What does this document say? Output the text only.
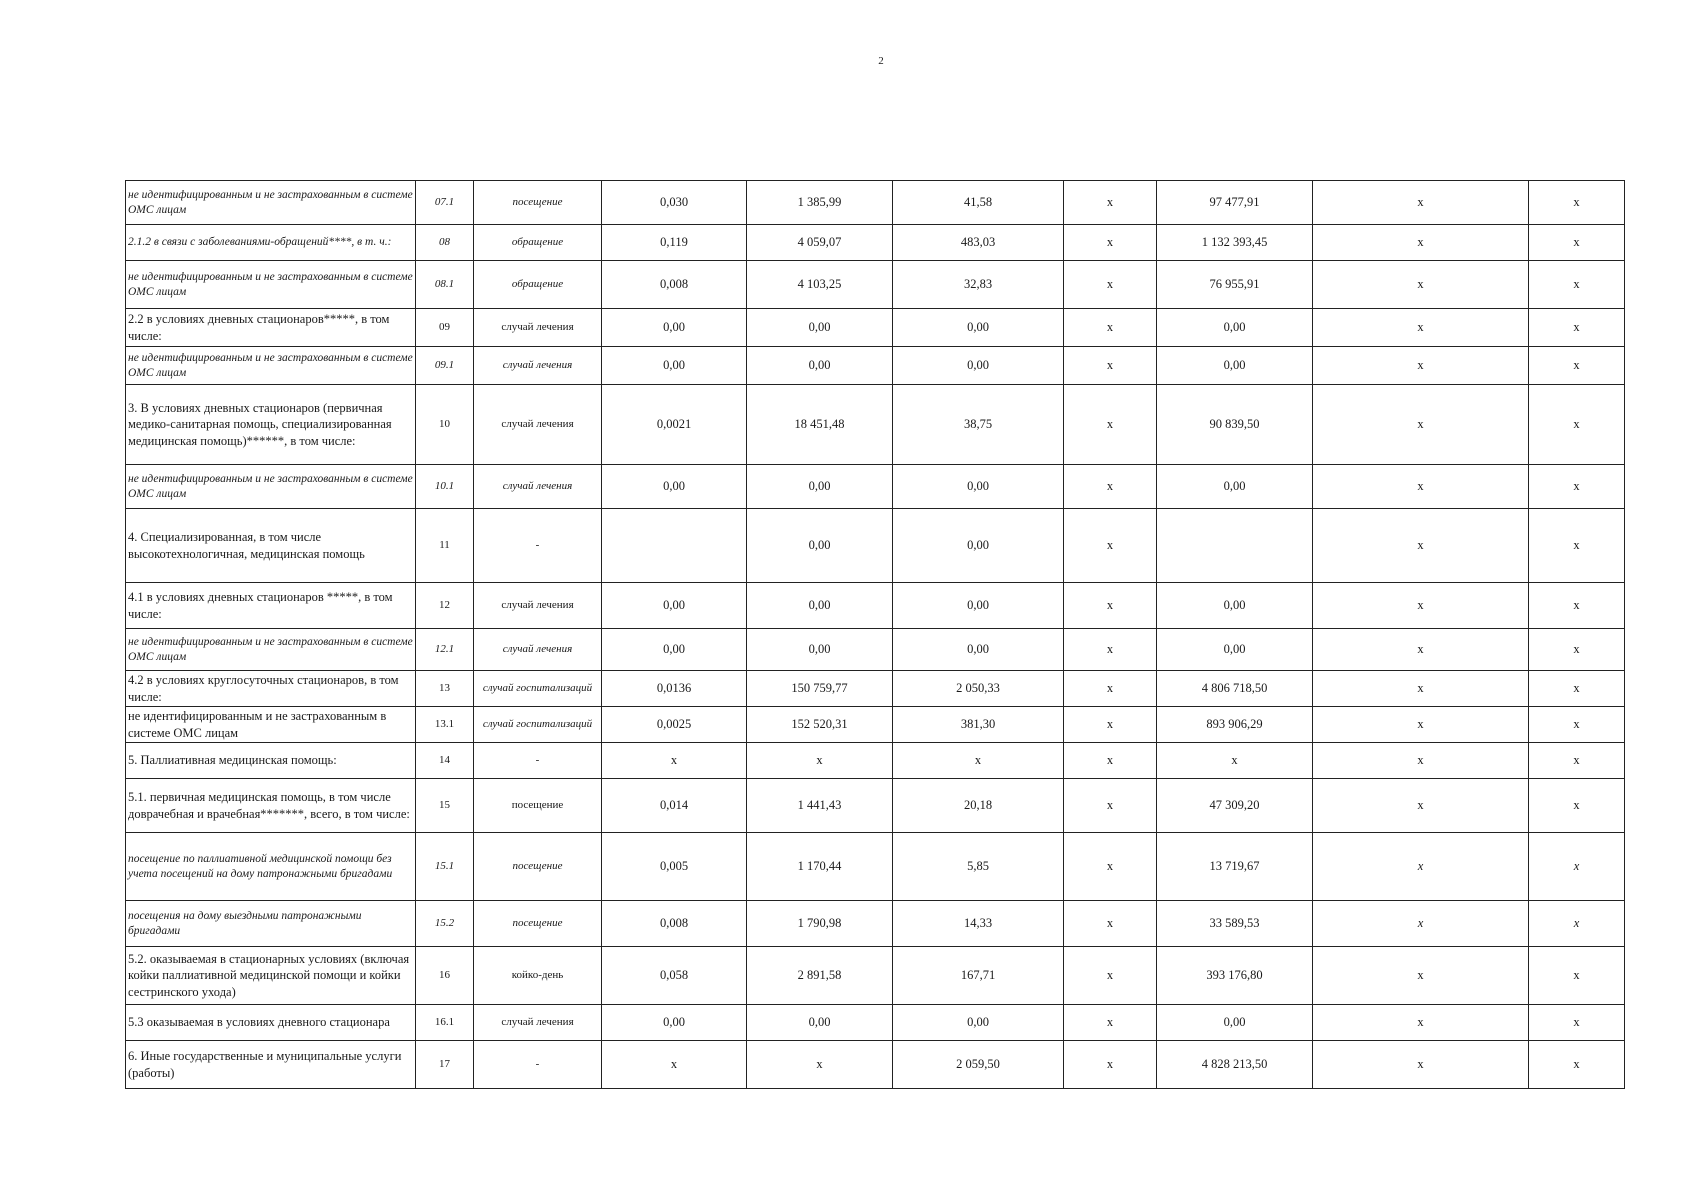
2
не идентифицированным и не застрахованным в системе ОМС лицам	07.1	посещение	0,030	1 385,99	41,58	х	97 477,91	х	х
2.1.2 в связи с заболеваниями-обращений****, в т. ч.:	08	обращение	0,119	4 059,07	483,03	х	1 132 393,45	х	х
не идентифицированным и не застрахованным в системе ОМС лицам	08.1	обращение	0,008	4 103,25	32,83	х	76 955,91	х	х
2.2 в условиях дневных стационаров*****, в том числе:	09	случай лечения	0,00	0,00	0,00	х	0,00	х	х
не идентифицированным и не застрахованным в системе ОМС лицам	09.1	случай лечения	0,00	0,00	0,00	х	0,00	х	х
3. В условиях дневных стационаров (первичная медико-санитарная помощь, специализированная медицинская помощь)******, в том числе:	10	случай лечения	0,0021	18 451,48	38,75	х	90 839,50	х	х
не идентифицированным и не застрахованным в системе ОМС лицам	10.1	случай лечения	0,00	0,00	0,00	х	0,00	х	х
4. Специализированная, в том числе высокотехнологичная, медицинская помощь	11	-		0,00	0,00	х		х	х
4.1 в условиях дневных стационаров *****, в том числе:	12	случай лечения	0,00	0,00	0,00	х	0,00	х	х
не идентифицированным и не застрахованным в системе ОМС лицам	12.1	случай лечения	0,00	0,00	0,00	х	0,00	х	х
4.2 в условиях круглосуточных стационаров, в том числе:	13	случай госпитализаций	0,0136	150 759,77	2 050,33	х	4 806 718,50	х	х
не идентифицированным и не застрахованным в системе ОМС лицам	13.1	случай госпитализаций	0,0025	152 520,31	381,30	х	893 906,29	х	х
5. Паллиативная медицинская помощь:	14	-	х	х	х	х	х	х	х
5.1. первичная медицинская помощь, в том числе доврачебная и врачебная*******, всего, в том числе:	15	посещение	0,014	1 441,43	20,18	х	47 309,20	х	х
посещение по паллиативной медицинской помощи без учета посещений на дому патронажными бригадами	15.1	посещение	0,005	1 170,44	5,85	х	13 719,67	х	х
посещения на дому выездными патронажными бригадами	15.2	посещение	0,008	1 790,98	14,33	х	33 589,53	х	х
5.2. оказываемая в стационарных условиях (включая койки паллиативной медицинской помощи и койки сестринского ухода)	16	койко-день	0,058	2 891,58	167,71	х	393 176,80	х	х
5.3 оказываемая в условиях дневного стационара	16.1	случай лечения	0,00	0,00	0,00	х	0,00	х	х
6. Иные государственные и муниципальные услуги (работы)	17	-	х	х	2 059,50	х	4 828 213,50	х	х
